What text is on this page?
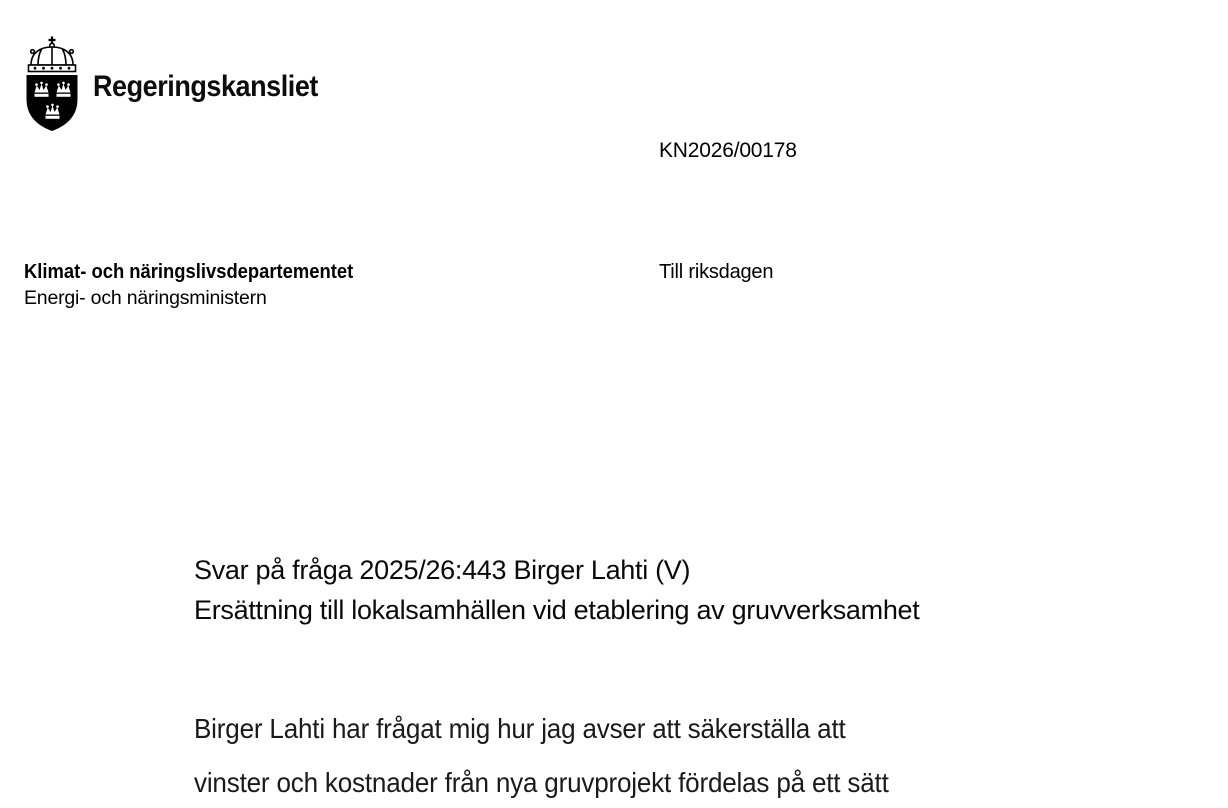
Regeringskansliet
KN2026/00178
Klimat- och näringslivsdepartementet
Energi- och näringsministern
Till riksdagen
Svar på fråga 2025/26:443 Birger Lahti (V)
Ersättning till lokalsamhällen vid etablering av gruvverksamhet
Birger Lahti har frågat mig hur jag avser att säkerställa att
vinster och kostnader från nya gruvprojekt fördelas på ett sätt
